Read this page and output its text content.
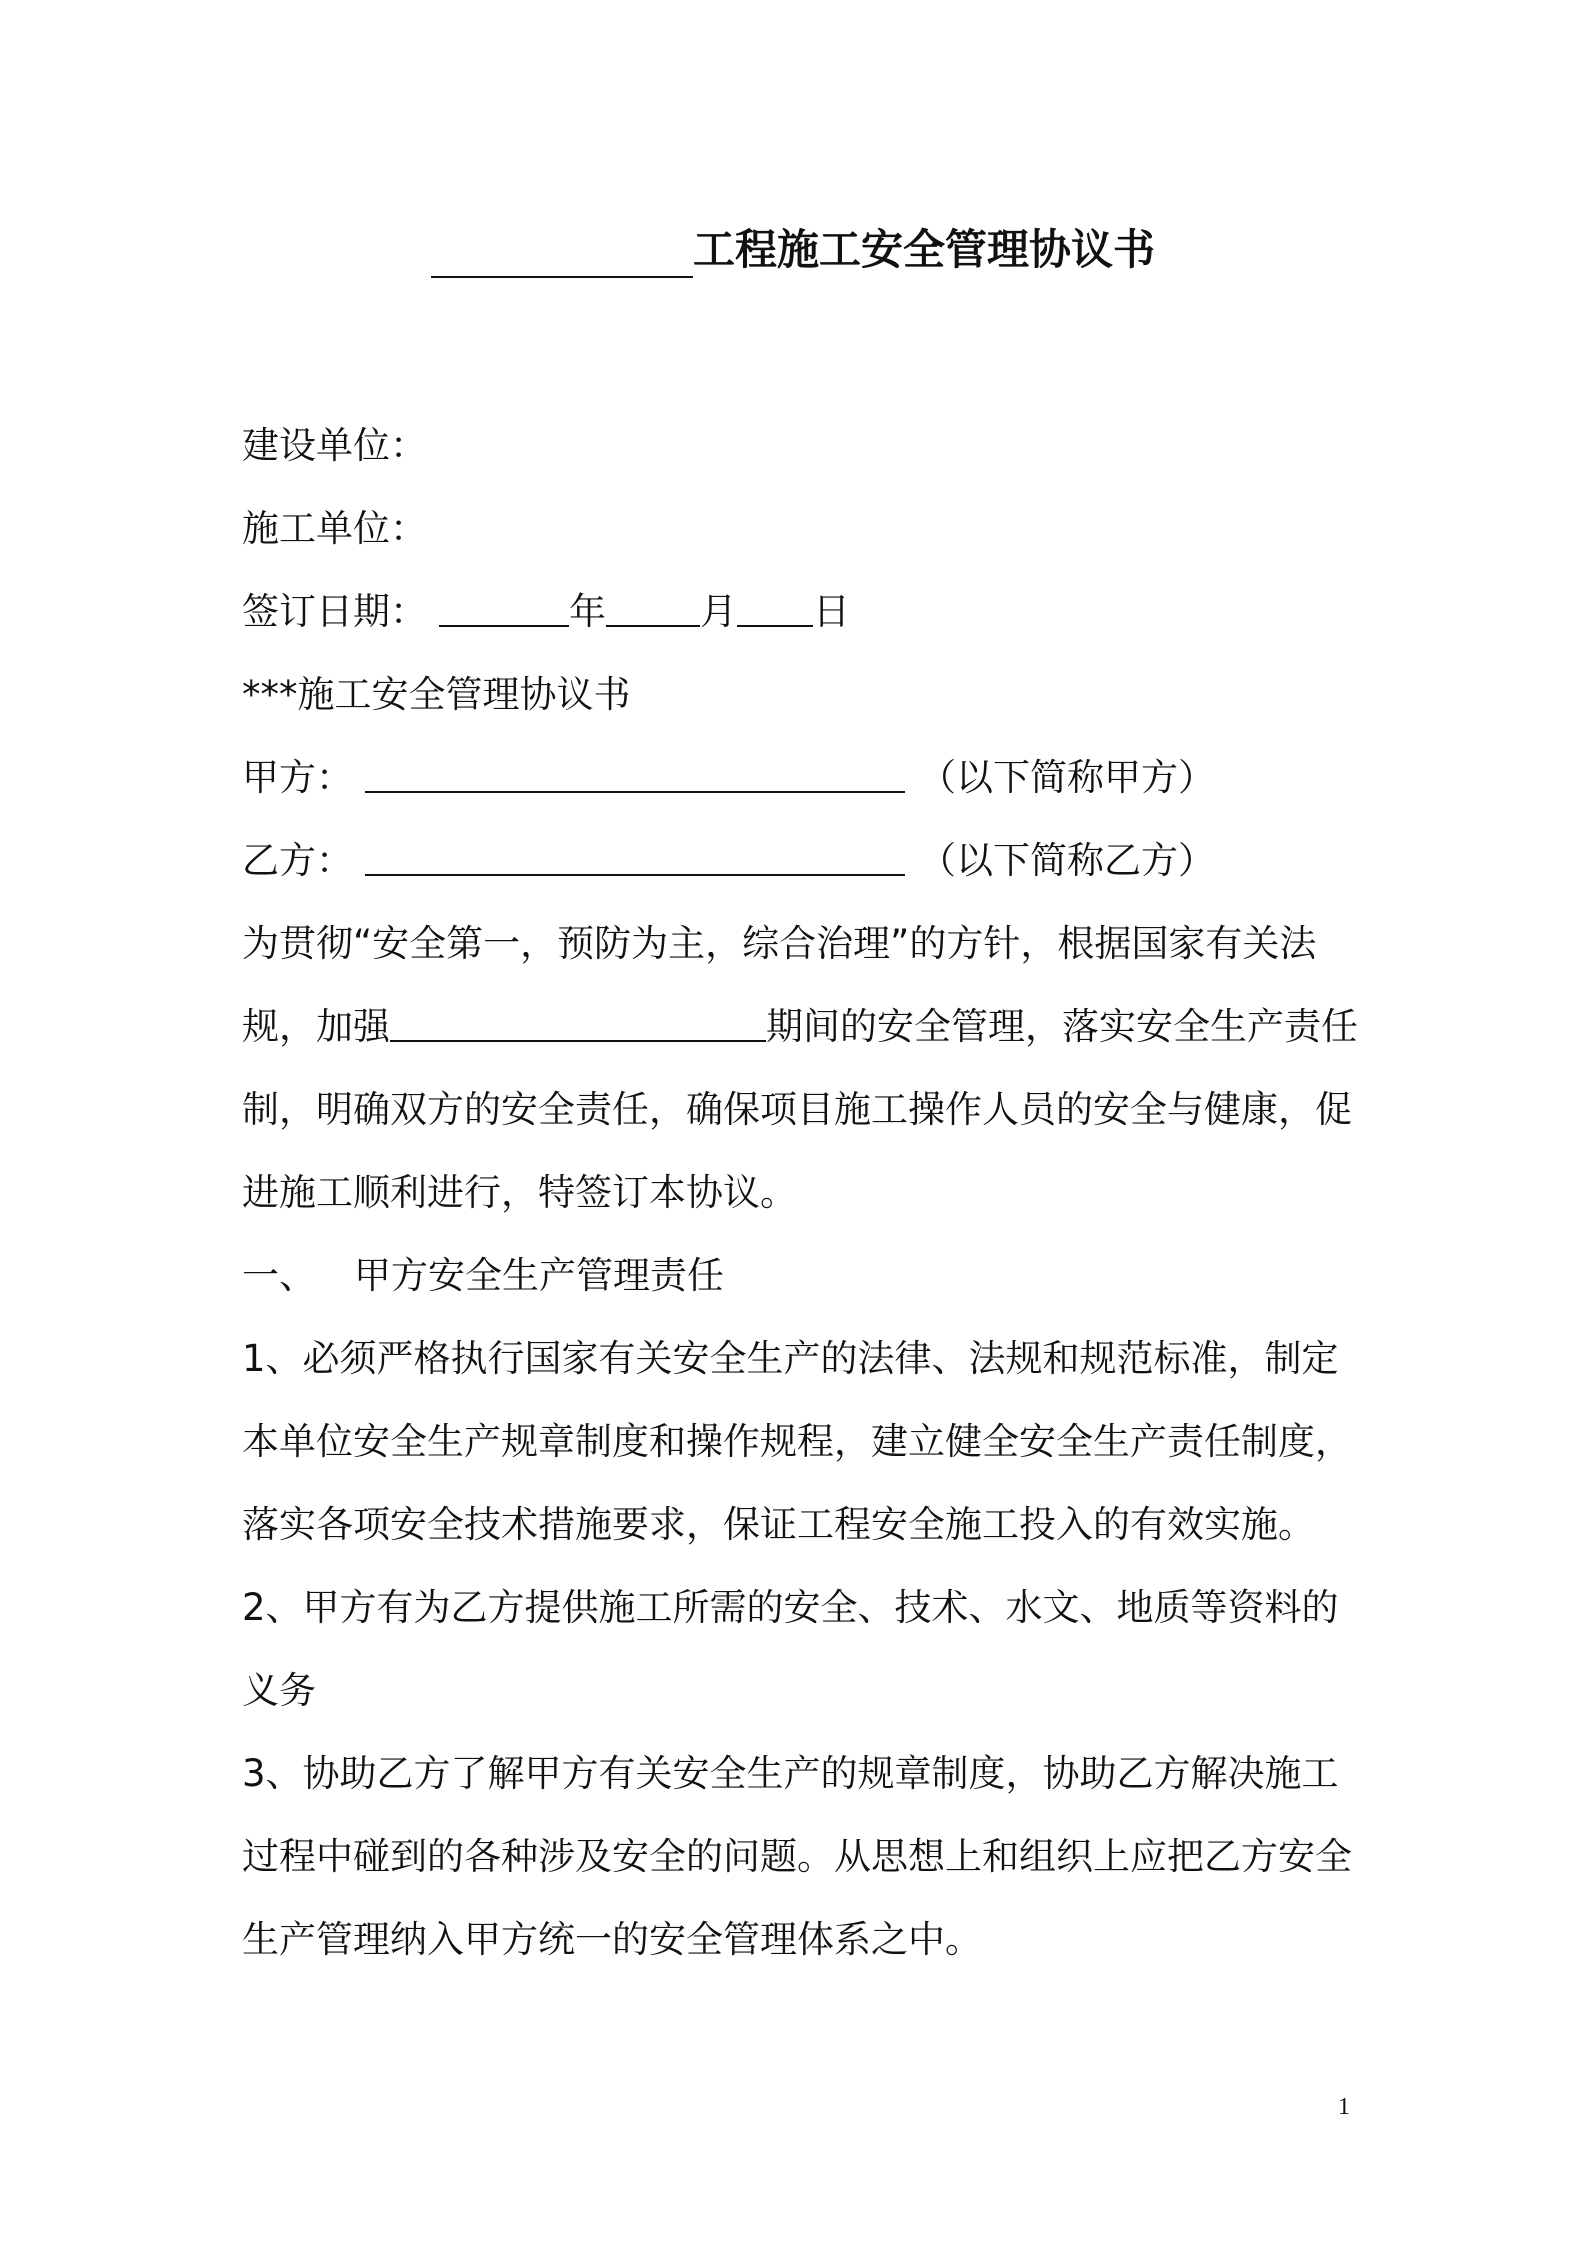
工程施工安全管理协议书
建设单位：
施工单位：
签订日期：	年	月 日
***施工安全管理协议书
甲方：	（以下简称甲方）
乙方：	（以下简称乙方）
为贯彻“安全第一，预防为主，综合治理”的方针，根据国家有关法
规，加强	期间的安全管理，落实安全生产责任
制，明确双方的安全责任，确保项目施工操作人员的安全与健康，促
进施工顺利进行，特签订本协议。
一、 甲方安全生产管理责任
1、必须严格执行国家有关安全生产的法律、法规和规范标准，制定
本单位安全生产规章制度和操作规程，建立健全安全生产责任制度，
落实各项安全技术措施要求，保证工程安全施工投入的有效实施。
2、甲方有为乙方提供施工所需的安全、技术、水文、地质等资料的
义务
3、协助乙方了解甲方有关安全生产的规章制度，协助乙方解决施工
过程中碰到的各种涉及安全的问题。从思想上和组织上应把乙方安全
生产管理纳入甲方统一的安全管理体系之中。
1
